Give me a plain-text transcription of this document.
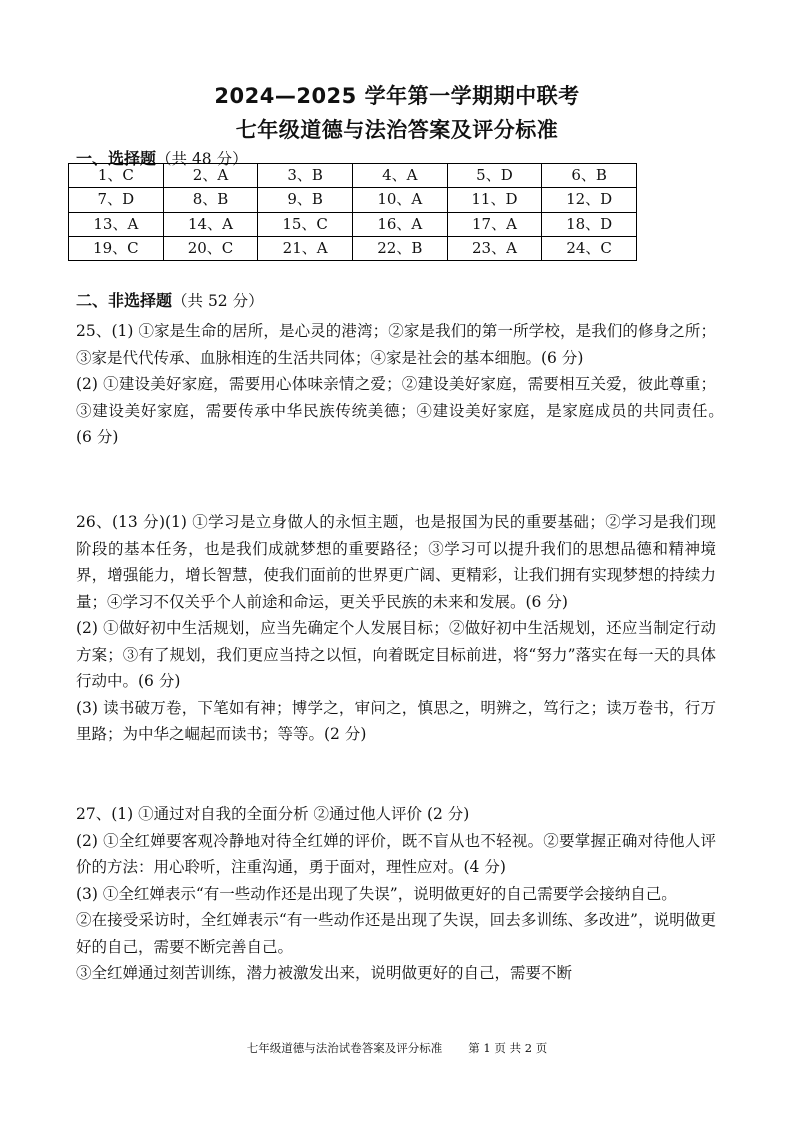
2024—2025 学年第一学期期中联考
七年级道德与法治答案及评分标准
一、选择题（共 48 分）
1、C	2、A	3、B	4、A	5、D	6、B
7、D	8、B	9、B	10、A	11、D	12、D
13、A	14、A	15、C	16、A	17、A	18、D
19、C	20、C	21、A	22、B	23、A	24、C
二、非选择题（共 52 分）

25、(1) ①家是生命的居所，是心灵的港湾；②家是我们的第一所学校，是我们的修身之所；③家是代代传承、血脉相连的生活共同体；④家是社会的基本细胞。(6 分)

(2) ①建设美好家庭，需要用心体味亲情之爱；②建设美好家庭，需要相互关爱，彼此尊重；③建设美好家庭，需要传承中华民族传统美德；④建设美好家庭，是家庭成员的共同责任。　(6 分)

26、(13 分)(1) ①学习是立身做人的永恒主题，也是报国为民的重要基础；②学习是我们现阶段的基本任务，也是我们成就梦想的重要路径；③学习可以提升我们的思想品德和精神境界，增强能力，增长智慧，使我们面前的世界更广阔、更精彩，让我们拥有实现梦想的持续力量；④学习不仅关乎个人前途和命运，更关乎民族的未来和发展。(6 分)

(2) ①做好初中生活规划，应当先确定个人发展目标；②做好初中生活规划，还应当制定行动方案；③有了规划，我们更应当持之以恒，向着既定目标前进，将“努力”落实在每一天的具体行动中。(6 分)

(3) 读书破万卷，下笔如有神；博学之，审问之，慎思之，明辨之，笃行之；读万卷书，行万里路；为中华之崛起而读书；等等。(2 分)

27、(1) ①通过对自我的全面分析 ②通过他人评价 (2 分)

(2) ①全红婵要客观冷静地对待全红婵的评价，既不盲从也不轻视。②要掌握正确对待他人评价的方法：用心聆听，注重沟通，勇于面对，理性应对。(4 分)

(3) ①全红婵表示“有一些动作还是出现了失误”，说明做更好的自己需要学会接纳自己。

②在接受采访时，全红婵表示“有一些动作还是出现了失误，回去多训练、多改进”，说明做更好的自己，需要不断完善自己。

③全红婵通过刻苦训练，潜力被激发出来，说明做更好的自己，需要不断

七年级道德与法治试卷答案及评分标准 第 1 页 共 2 页
